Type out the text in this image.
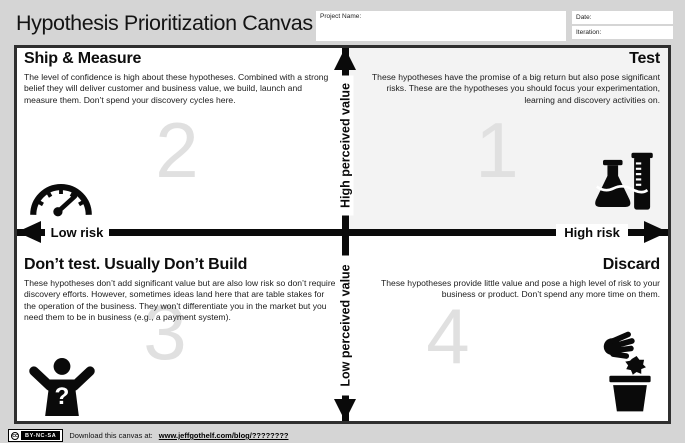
Hypothesis Prioritization Canvas Project Name:	Date:
Iteration:
2	1
3	4
?
Low risk	High risk
High perceived value
Low perceived value
Ship & Measure

The level of confidence is high about these hypotheses. Combined with a strong belief they will deliver customer and business value, we build, launch and measure them. Don’t spend your discovery cycles here.

Test

These hypotheses have the promise of a big return but also pose significant risks. These are the hypotheses you should focus your experimentation, learning and discovery activities on.

Don’t test. Usually Don’t Build

These hypotheses don’t add significant value but are also low risk so don’t require discovery efforts. However, sometimes ideas land here that are table stakes for the operation of the business. They won’t differentiate you in the market but you need them to be in business (e.g., a payment system).

Discard

These hypotheses provide little value and pose a high level of risk to your business or product. Don’t spend any more time on them.

cc	BY-NC-SA	Download this canvas at: www.jeffgothelf.com/blog/????????
